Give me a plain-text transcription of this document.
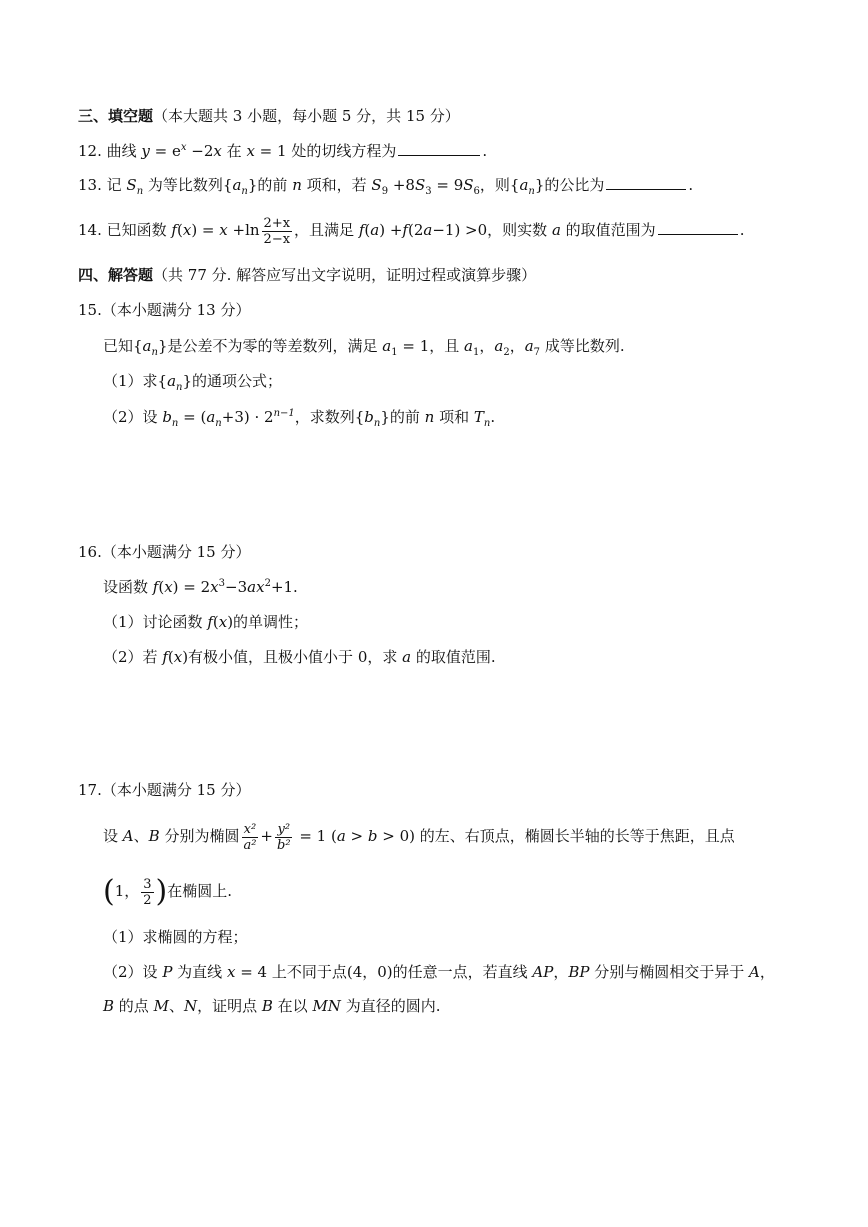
三、填空题（本大题共 3 小题，每小题 5 分，共 15 分）
12. 曲线 $y = e^x -2x$ 在 x = 1 处的切线方程为	.
13. 记 $S_n$ 为等比数列$\{a_n\}$的前 n 项和，若 $S_9 +8S_3 = 9S_6$，则$\{a_n\}$的公比为	.
14. 已知函数 $f(x) = x +\ln \frac{2+x}{2-x}$ ，且满足 f(a) +f(2a−1) >0，则实数 a 的取值范围为	.
四、解答题（共 77 分. 解答应写出文字说明，证明过程或演算步骤）
15.（本小题满分 13 分）
已知$\{a_n\}$是公差不为零的等差数列，满足 $a_1 = 1$，且 $a_1$，$a_2$，$a_7$ 成等比数列.
（1）求$\{a_n\}$的通项公式；
（2）设 $b_n = (a_n+3) \cdot 2^{n-1}$，求数列$\{b_n\}$的前 n 项和 $T_n$.
16.（本小题满分 15 分）
设函数 $f(x) = 2x^3-3ax^2+1$.
（1）讨论函数 f(x)的单调性；
（2）若 f(x)有极小值，且极小值小于 0，求 a 的取值范围.
17.（本小题满分 15 分）
设 A、B 分别为椭圆 $\frac{\text{x²}}{\text{a²}} + \frac{\text{y²}}{\text{b²}} = 1$ (a > b > 0) 的左、右顶点，椭圆长半轴的长等于焦距，且点
(1， $\frac{3}{2}$ )在椭圆上.
（1）求椭圆的方程；
（2）设 P 为直线 x = 4 上不同于点(4，0)的任意一点，若直线 AP，BP 分别与椭圆相交于异于 A，
B 的点 M、N，证明点 B 在以 MN 为直径的圆内.
